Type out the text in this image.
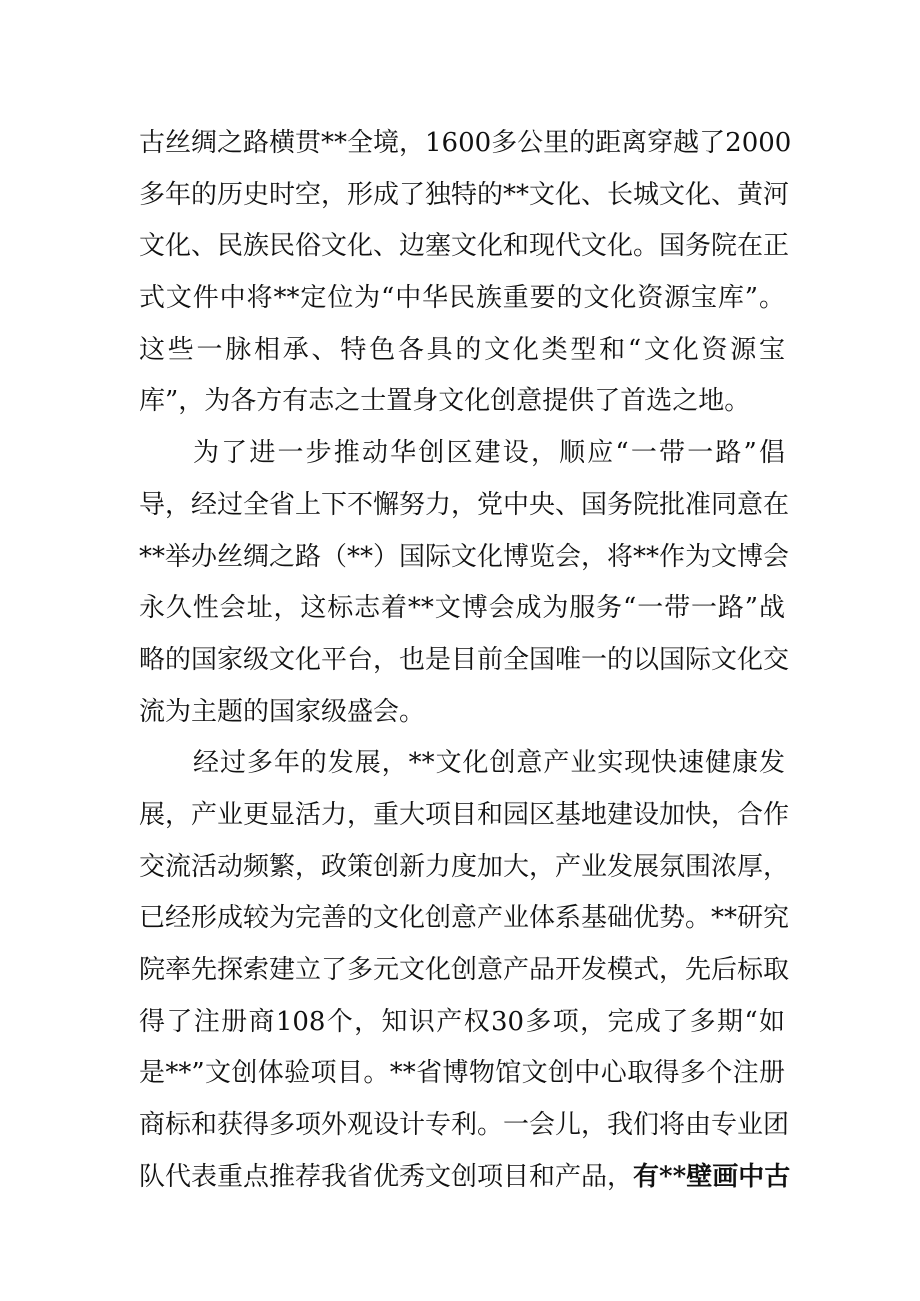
古丝绸之路横贯**全境，1600多公里的距离穿越了2000
多年的历史时空，形成了独特的**文化、长城文化、黄河
文化、民族民俗文化、边塞文化和现代文化。国务院在正
式文件中将**定位为“中华民族重要的文化资源宝库”。
这些一脉相承、特色各具的文化类型和“文化资源宝
库”，为各方有志之士置身文化创意提供了首选之地。
为了进一步推动华创区建设，顺应“一带一路”倡
导，经过全省上下不懈努力，党中央、国务院批准同意在
**举办丝绸之路（**）国际文化博览会，将**作为文博会
永久性会址，这标志着**文博会成为服务“一带一路”战
略的国家级文化平台，也是目前全国唯一的以国际文化交
流为主题的国家级盛会。
经过多年的发展，**文化创意产业实现快速健康发
展，产业更显活力，重大项目和园区基地建设加快，合作
交流活动频繁，政策创新力度加大，产业发展氛围浓厚，
已经形成较为完善的文化创意产业体系基础优势。**研究
院率先探索建立了多元文化创意产品开发模式，先后标取
得了注册商108个，知识产权30多项，完成了多期“如
是**”文创体验项目。**省博物馆文创中心取得多个注册
商标和获得多项外观设计专利。一会儿，我们将由专业团
队代表重点推荐我省优秀文创项目和产品，有**壁画中古
